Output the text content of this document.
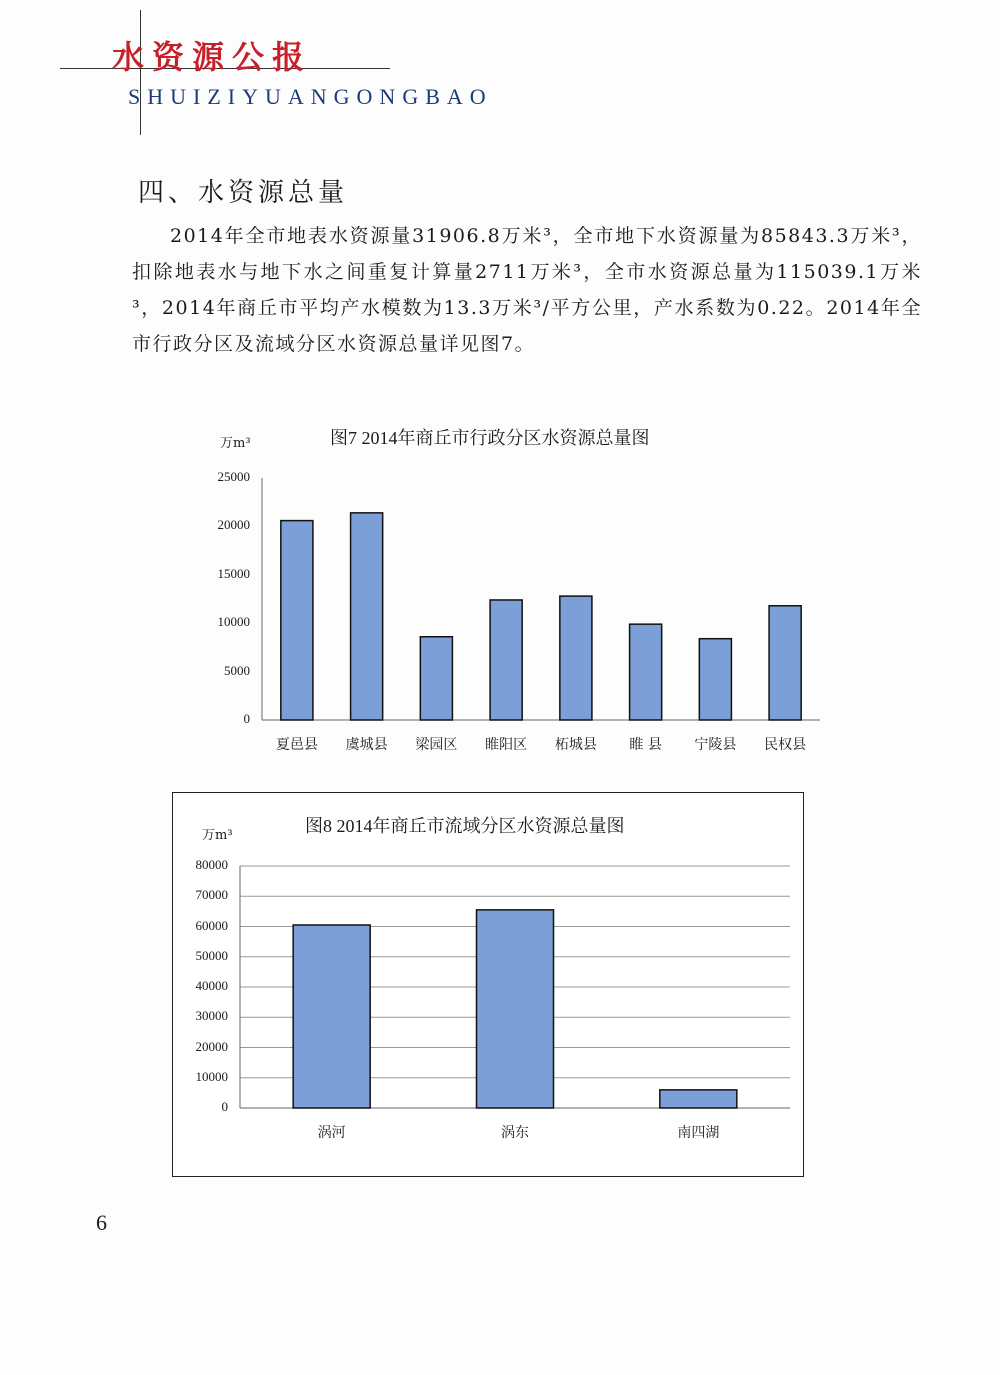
水资源公报
SHUIZIYUANGONGBAO
四、水资源总量
2014年全市地表水资源量31906.8万米³，全市地下水资源量为85843.3万米³，扣除地表水与地下水之间重复计算量2711万米³，全市水资源总量为115039.1万米³，2014年商丘市平均产水模数为13.3万米³/平方公里，产水系数为0.22。2014年全市行政分区及流域分区水资源总量详见图7。
图7 2014年商丘市行政分区水资源总量图
万m³
25000
20000
15000
10000
5000
0
夏邑县	虞城县	梁园区	睢阳区	柘城县	睢 县	宁陵县	民权县
图8 2014年商丘市流域分区水资源总量图
万m³
80000
70000
60000
50000
40000
30000
20000
10000
0
涡河	涡东	南四湖
6
